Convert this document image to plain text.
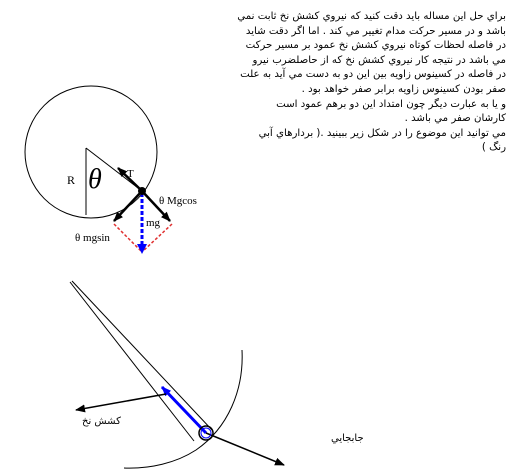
براي حل اين مساله بايد دقت كنيد كه نيروي كشش نخ ثابت نمي
باشد و در مسير حركت مدام تغيير مي كند . اما اگر دقت شايد
در فاصله لحظات كوتاه نيروي كشش نخ عمود بر مسير حركت
مي باشد در نتيجه كار نيروي كشش نخ كه از حاصلضرب نيرو
در فاصله در كسينوس زاويه بين اين دو به دست مي آيد به علت
صفر بودن كسينوس زاويه برابر صفر خواهد بود .
و يا به عبارت ديگر چون امتداد اين دو برهم عمود است
كارشان صفر مي باشد .
مي توانيد اين موضوع را در شكل زير ببينيد .( بردارهاي آبي
رنگ )
R θ T
θ Mgcos
mg
θ mgsin
كشش نخ
جابجايي
